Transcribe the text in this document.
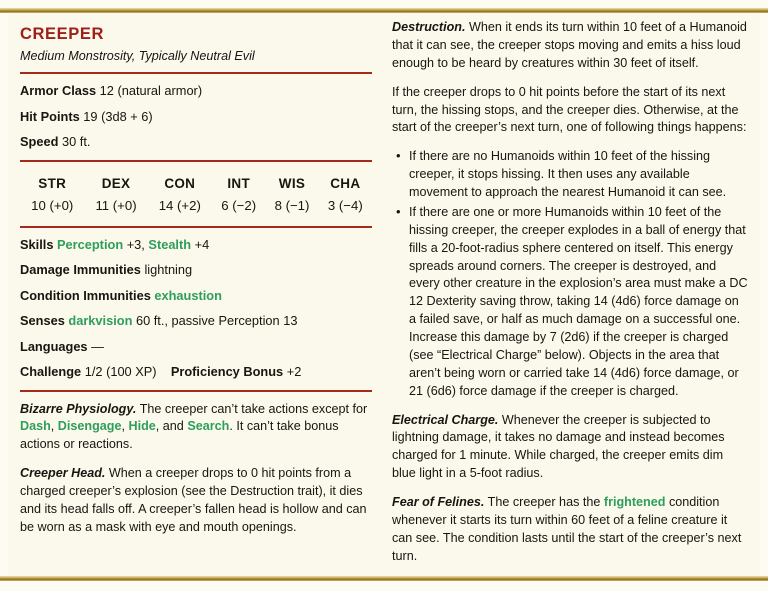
CREEPER
Medium Monstrosity, Typically Neutral Evil
Armor Class 12 (natural armor)
Hit Points 19 (3d8 + 6)
Speed 30 ft.
STR	DEX	CON	INT	WIS	CHA
10 (+0)	11 (+0)	14 (+2)	6 (−2)	8 (−1)	3 (−4)
Skills Perception +3, Stealth +4
Damage Immunities lightning
Condition Immunities exhaustion
Senses darkvision 60 ft., passive Perception 13
Languages —
Challenge 1/2 (100 XP) Proficiency Bonus +2

Bizarre Physiology. The creeper can’t take actions except for Dash, Disengage, Hide, and Search. It can’t take bonus actions or reactions.

Creeper Head. When a creeper drops to 0 hit points from a charged creeper’s explosion (see the Destruction trait), it dies and its head falls off. A creeper’s fallen head is hollow and can be worn as a mask with eye and mouth openings.

Destruction. When it ends its turn within 10 feet of a Humanoid that it can see, the creeper stops moving and emits a hiss loud enough to be heard by creatures within 30 feet of itself.

If the creeper drops to 0 hit points before the start of its next turn, the hissing stops, and the creeper dies. Otherwise, at the start of the creeper’s next turn, one of following things happens:

• If there are no Humanoids within 10 feet of the hissing creeper, it stops hissing. It then uses any available movement to approach the nearest Humanoid it can see.
• If there are one or more Humanoids within 10 feet of the hissing creeper, the creeper explodes in a ball of energy that fills a 20-foot-radius sphere centered on itself. This energy spreads around corners. The creeper is destroyed, and every other creature in the explosion’s area must make a DC 12 Dexterity saving throw, taking 14 (4d6) force damage on a failed save, or half as much damage on a successful one. Increase this damage by 7 (2d6) if the creeper is charged (see “Electrical Charge” below). Objects in the area that aren’t being worn or carried take 14 (4d6) force damage, or 21 (6d6) force damage if the creeper is charged.

Electrical Charge. Whenever the creeper is subjected to lightning damage, it takes no damage and instead becomes charged for 1 minute. While charged, the creeper emits dim blue light in a 5-foot radius.

Fear of Felines. The creeper has the frightened condition whenever it starts its turn within 60 feet of a feline creature it can see. The condition lasts until the start of the creeper’s next turn.
